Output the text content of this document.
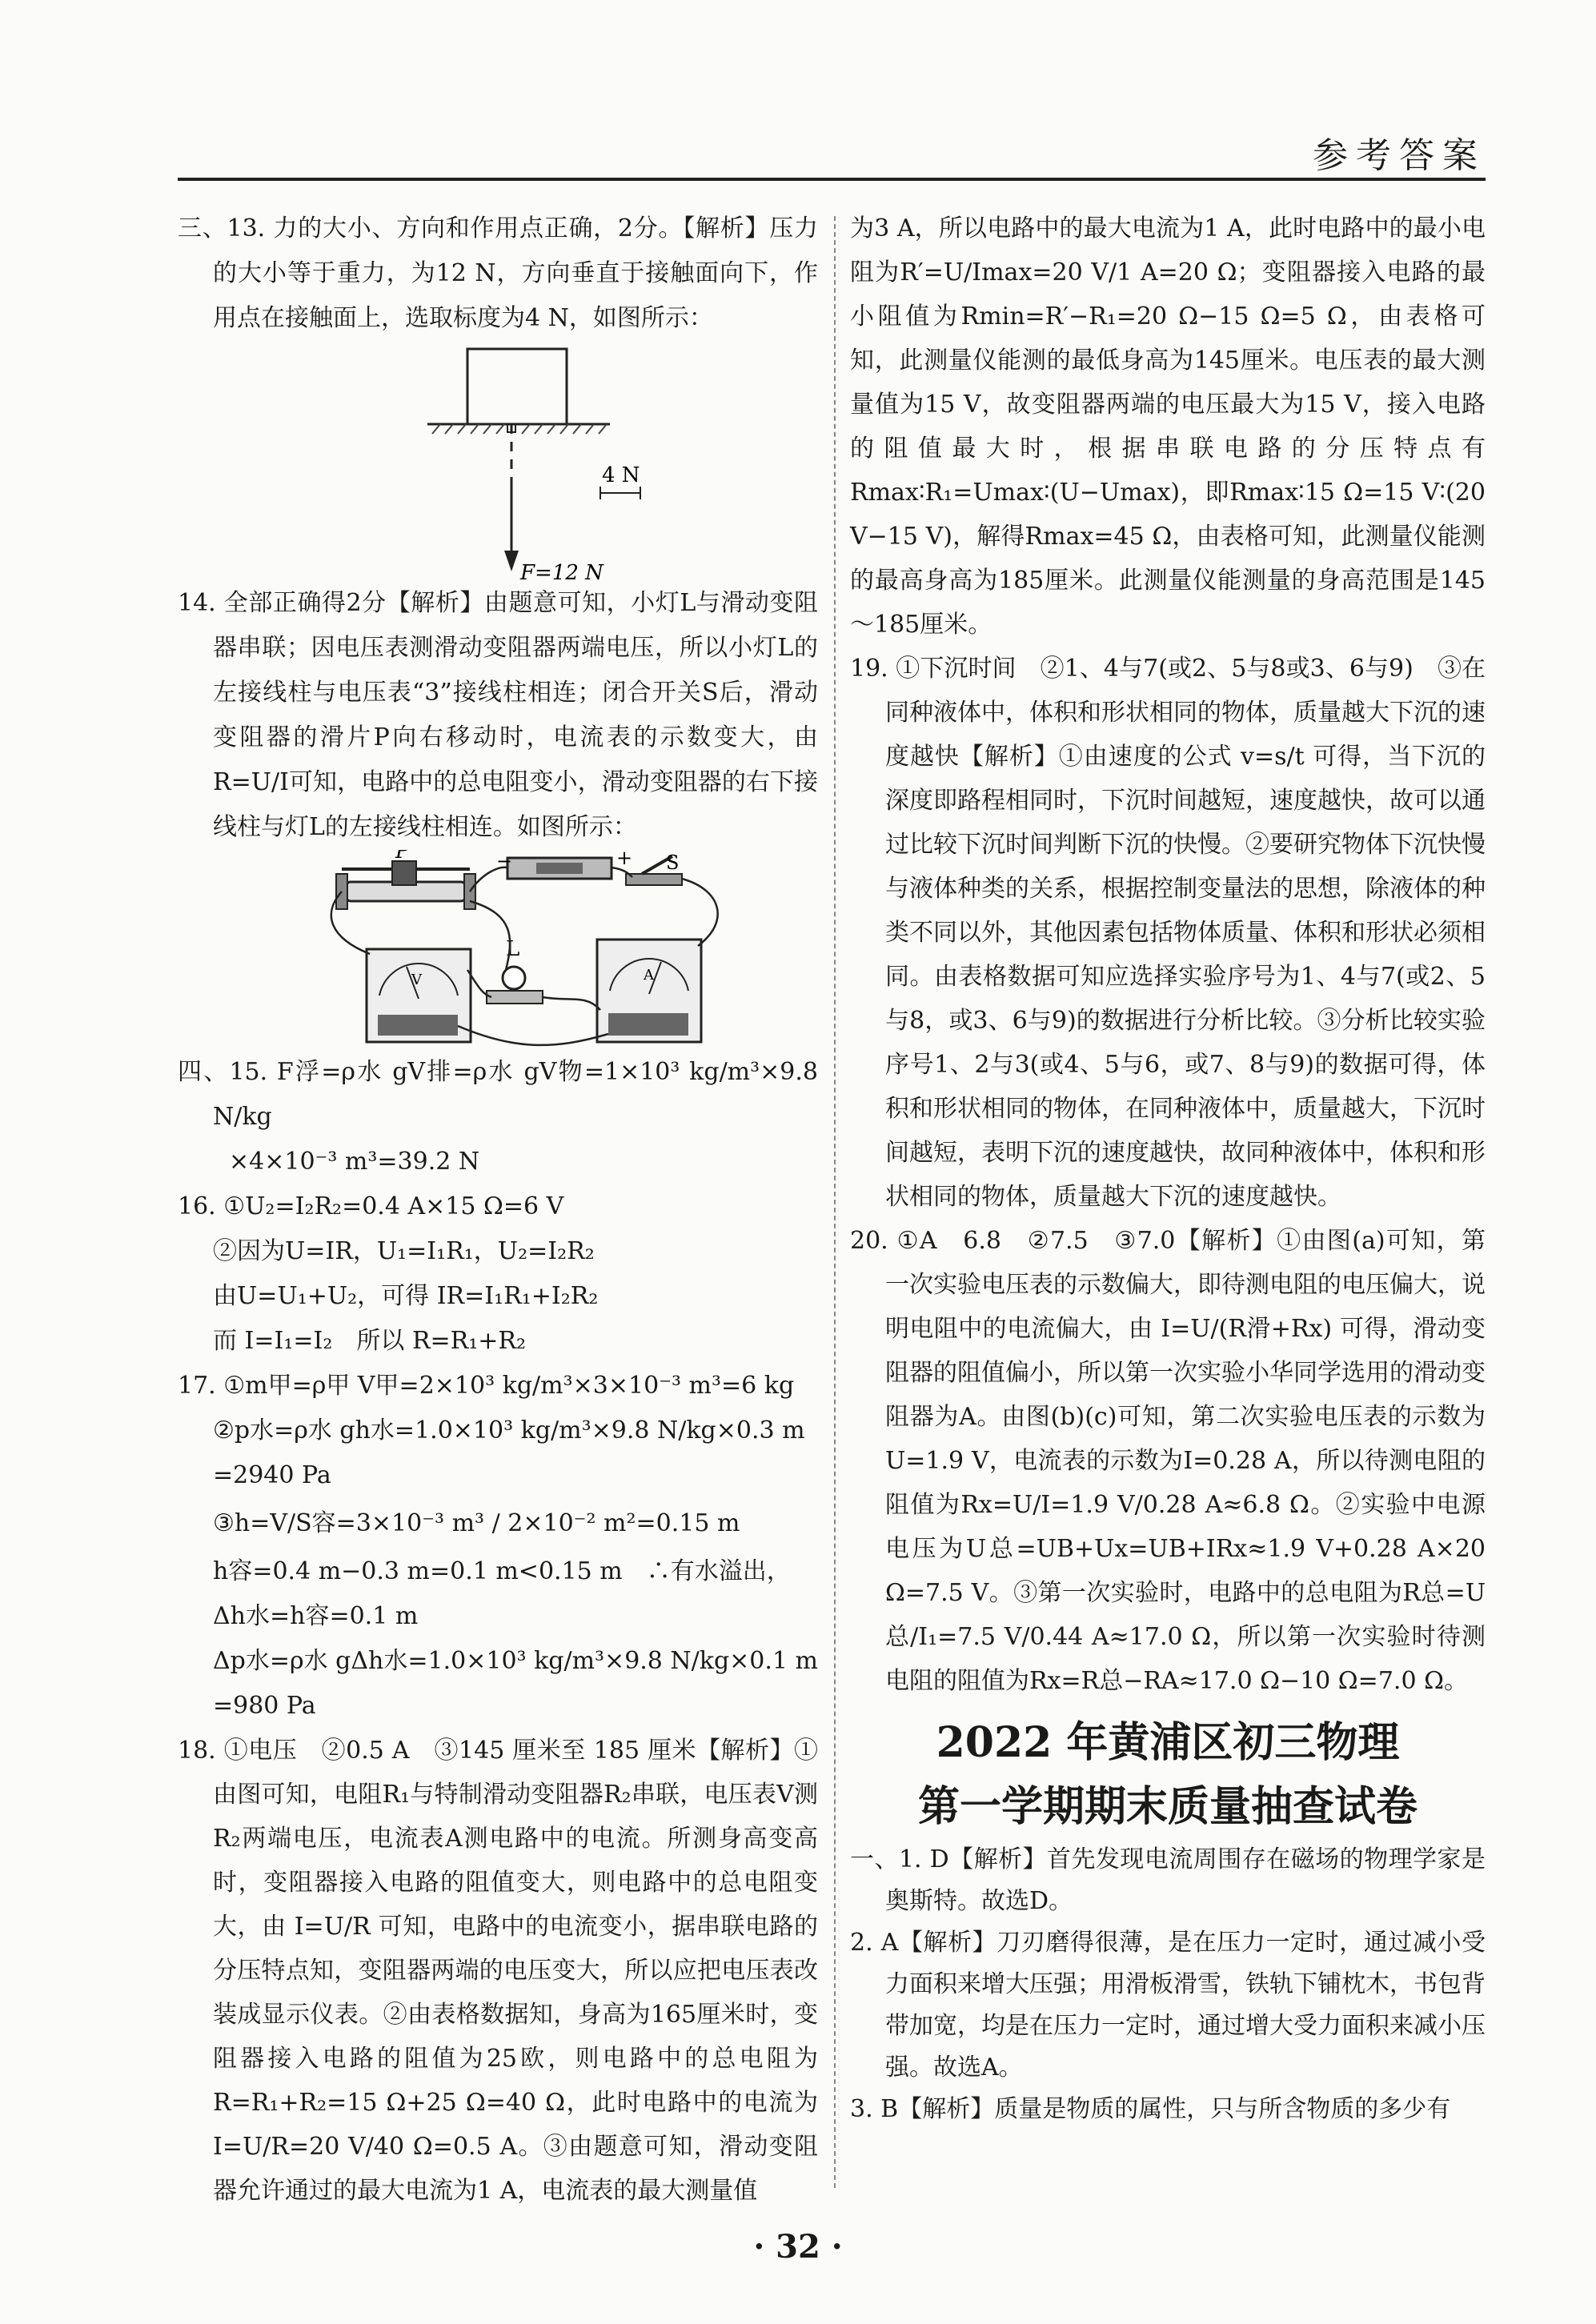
参考答案

三、13. 力的大小、方向和作用点正确，2分。【解析】压力的大小等于重力，为12 N，方向垂直于接触面向下，作用点在接触面上，选取标度为4 N，如图所示：

4 N
F=12 N

14. 全部正确得2分【解析】由题意可知，小灯L与滑动变阻器串联；因电压表测滑动变阻器两端电压，所以小灯L的左接线柱与电压表“3”接线柱相连；闭合开关S后，滑动变阻器的滑片P向右移动时，电流表的示数变大，由R=U/I可知，电路中的总电阻变小，滑动变阻器的右下接线柱与灯L的左接线柱相连。如图所示：

P	−	+ S
L
V	A

四、15. F浮=ρ水 gV排=ρ水 gV物=1×10³ kg/m³×9.8 N/kg

×4×10⁻³ m³=39.2 N

16. ①U₂=I₂R₂=0.4 A×15 Ω=6 V

②因为U=IR，U₁=I₁R₁，U₂=I₂R₂

由U=U₁+U₂，可得 IR=I₁R₁+I₂R₂

而 I=I₁=I₂　所以 R=R₁+R₂

17. ①m甲=ρ甲 V甲=2×10³ kg/m³×3×10⁻³ m³=6 kg

②p水=ρ水 gh水=1.0×10³ kg/m³×9.8 N/kg×0.3 m

=2940 Pa

③h=V/S容=3×10⁻³ m³ / 2×10⁻² m²=0.15 m

h容=0.4 m−0.3 m=0.1 m<0.15 m　∴有水溢出，

Δh水=h容=0.1 m

Δp水=ρ水 gΔh水=1.0×10³ kg/m³×9.8 N/kg×0.1 m

=980 Pa

18. ①电压　②0.5 A　③145 厘米至 185 厘米【解析】①由图可知，电阻R₁与特制滑动变阻器R₂串联，电压表V测R₂两端电压，电流表A测电路中的电流。所测身高变高时，变阻器接入电路的阻值变大，则电路中的总电阻变大，由 I=U/R 可知，电路中的电流变小，据串联电路的分压特点知，变阻器两端的电压变大，所以应把电压表改装成显示仪表。②由表格数据知，身高为165厘米时，变阻器接入电路的阻值为25欧，则电路中的总电阻为R=R₁+R₂=15 Ω+25 Ω=40 Ω，此时电路中的电流为 I=U/R=20 V/40 Ω=0.5 A。③由题意可知，滑动变阻器允许通过的最大电流为1 A，电流表的最大测量值

为3 A，所以电路中的最大电流为1 A，此时电路中的最小电阻为R′=U/Imax=20 V/1 A=20 Ω；变阻器接入电路的最小阻值为Rmin=R′−R₁=20 Ω−15 Ω=5 Ω，由表格可知，此测量仪能测的最低身高为145厘米。电压表的最大测量值为15 V，故变阻器两端的电压最大为15 V，接入电路的阻值最大时，根据串联电路的分压特点有Rmax∶R₁=Umax∶(U−Umax)，即Rmax∶15 Ω=15 V∶(20 V−15 V)，解得Rmax=45 Ω，由表格可知，此测量仪能测的最高身高为185厘米。此测量仪能测量的身高范围是145～185厘米。

19. ①下沉时间　②1、4与7(或2、5与8或3、6与9)　③在同种液体中，体积和形状相同的物体，质量越大下沉的速度越快【解析】①由速度的公式 v=s/t 可得，当下沉的深度即路程相同时，下沉时间越短，速度越快，故可以通过比较下沉时间判断下沉的快慢。②要研究物体下沉快慢与液体种类的关系，根据控制变量法的思想，除液体的种类不同以外，其他因素包括物体质量、体积和形状必须相同。由表格数据可知应选择实验序号为1、4与7(或2、5与8，或3、6与9)的数据进行分析比较。③分析比较实验序号1、2与3(或4、5与6，或7、8与9)的数据可得，体积和形状相同的物体，在同种液体中，质量越大，下沉时间越短，表明下沉的速度越快，故同种液体中，体积和形状相同的物体，质量越大下沉的速度越快。

20. ①A　6.8　②7.5　③7.0【解析】①由图(a)可知，第一次实验电压表的示数偏大，即待测电阻的电压偏大，说明电阻中的电流偏大，由 I=U/(R滑+Rx) 可得，滑动变阻器的阻值偏小，所以第一次实验小华同学选用的滑动变阻器为A。由图(b)(c)可知，第二次实验电压表的示数为U=1.9 V，电流表的示数为I=0.28 A，所以待测电阻的阻值为Rx=U/I=1.9 V/0.28 A≈6.8 Ω。②实验中电源电压为U总=UB+Ux=UB+IRx≈1.9 V+0.28 A×20 Ω=7.5 V。③第一次实验时，电路中的总电阻为R总=U总/I₁=7.5 V/0.44 A≈17.0 Ω，所以第一次实验时待测电阻的阻值为Rx=R总−RA≈17.0 Ω−10 Ω=7.0 Ω。

2022 年黄浦区初三物理
第一学期期末质量抽查试卷

一、1. D【解析】首先发现电流周围存在磁场的物理学家是奥斯特。故选D。

2. A【解析】刀刃磨得很薄，是在压力一定时，通过减小受力面积来增大压强；用滑板滑雪，铁轨下铺枕木，书包背带加宽，均是在压力一定时，通过增大受力面积来减小压强。故选A。

3. B【解析】质量是物质的属性，只与所含物质的多少有

· 32 ·
